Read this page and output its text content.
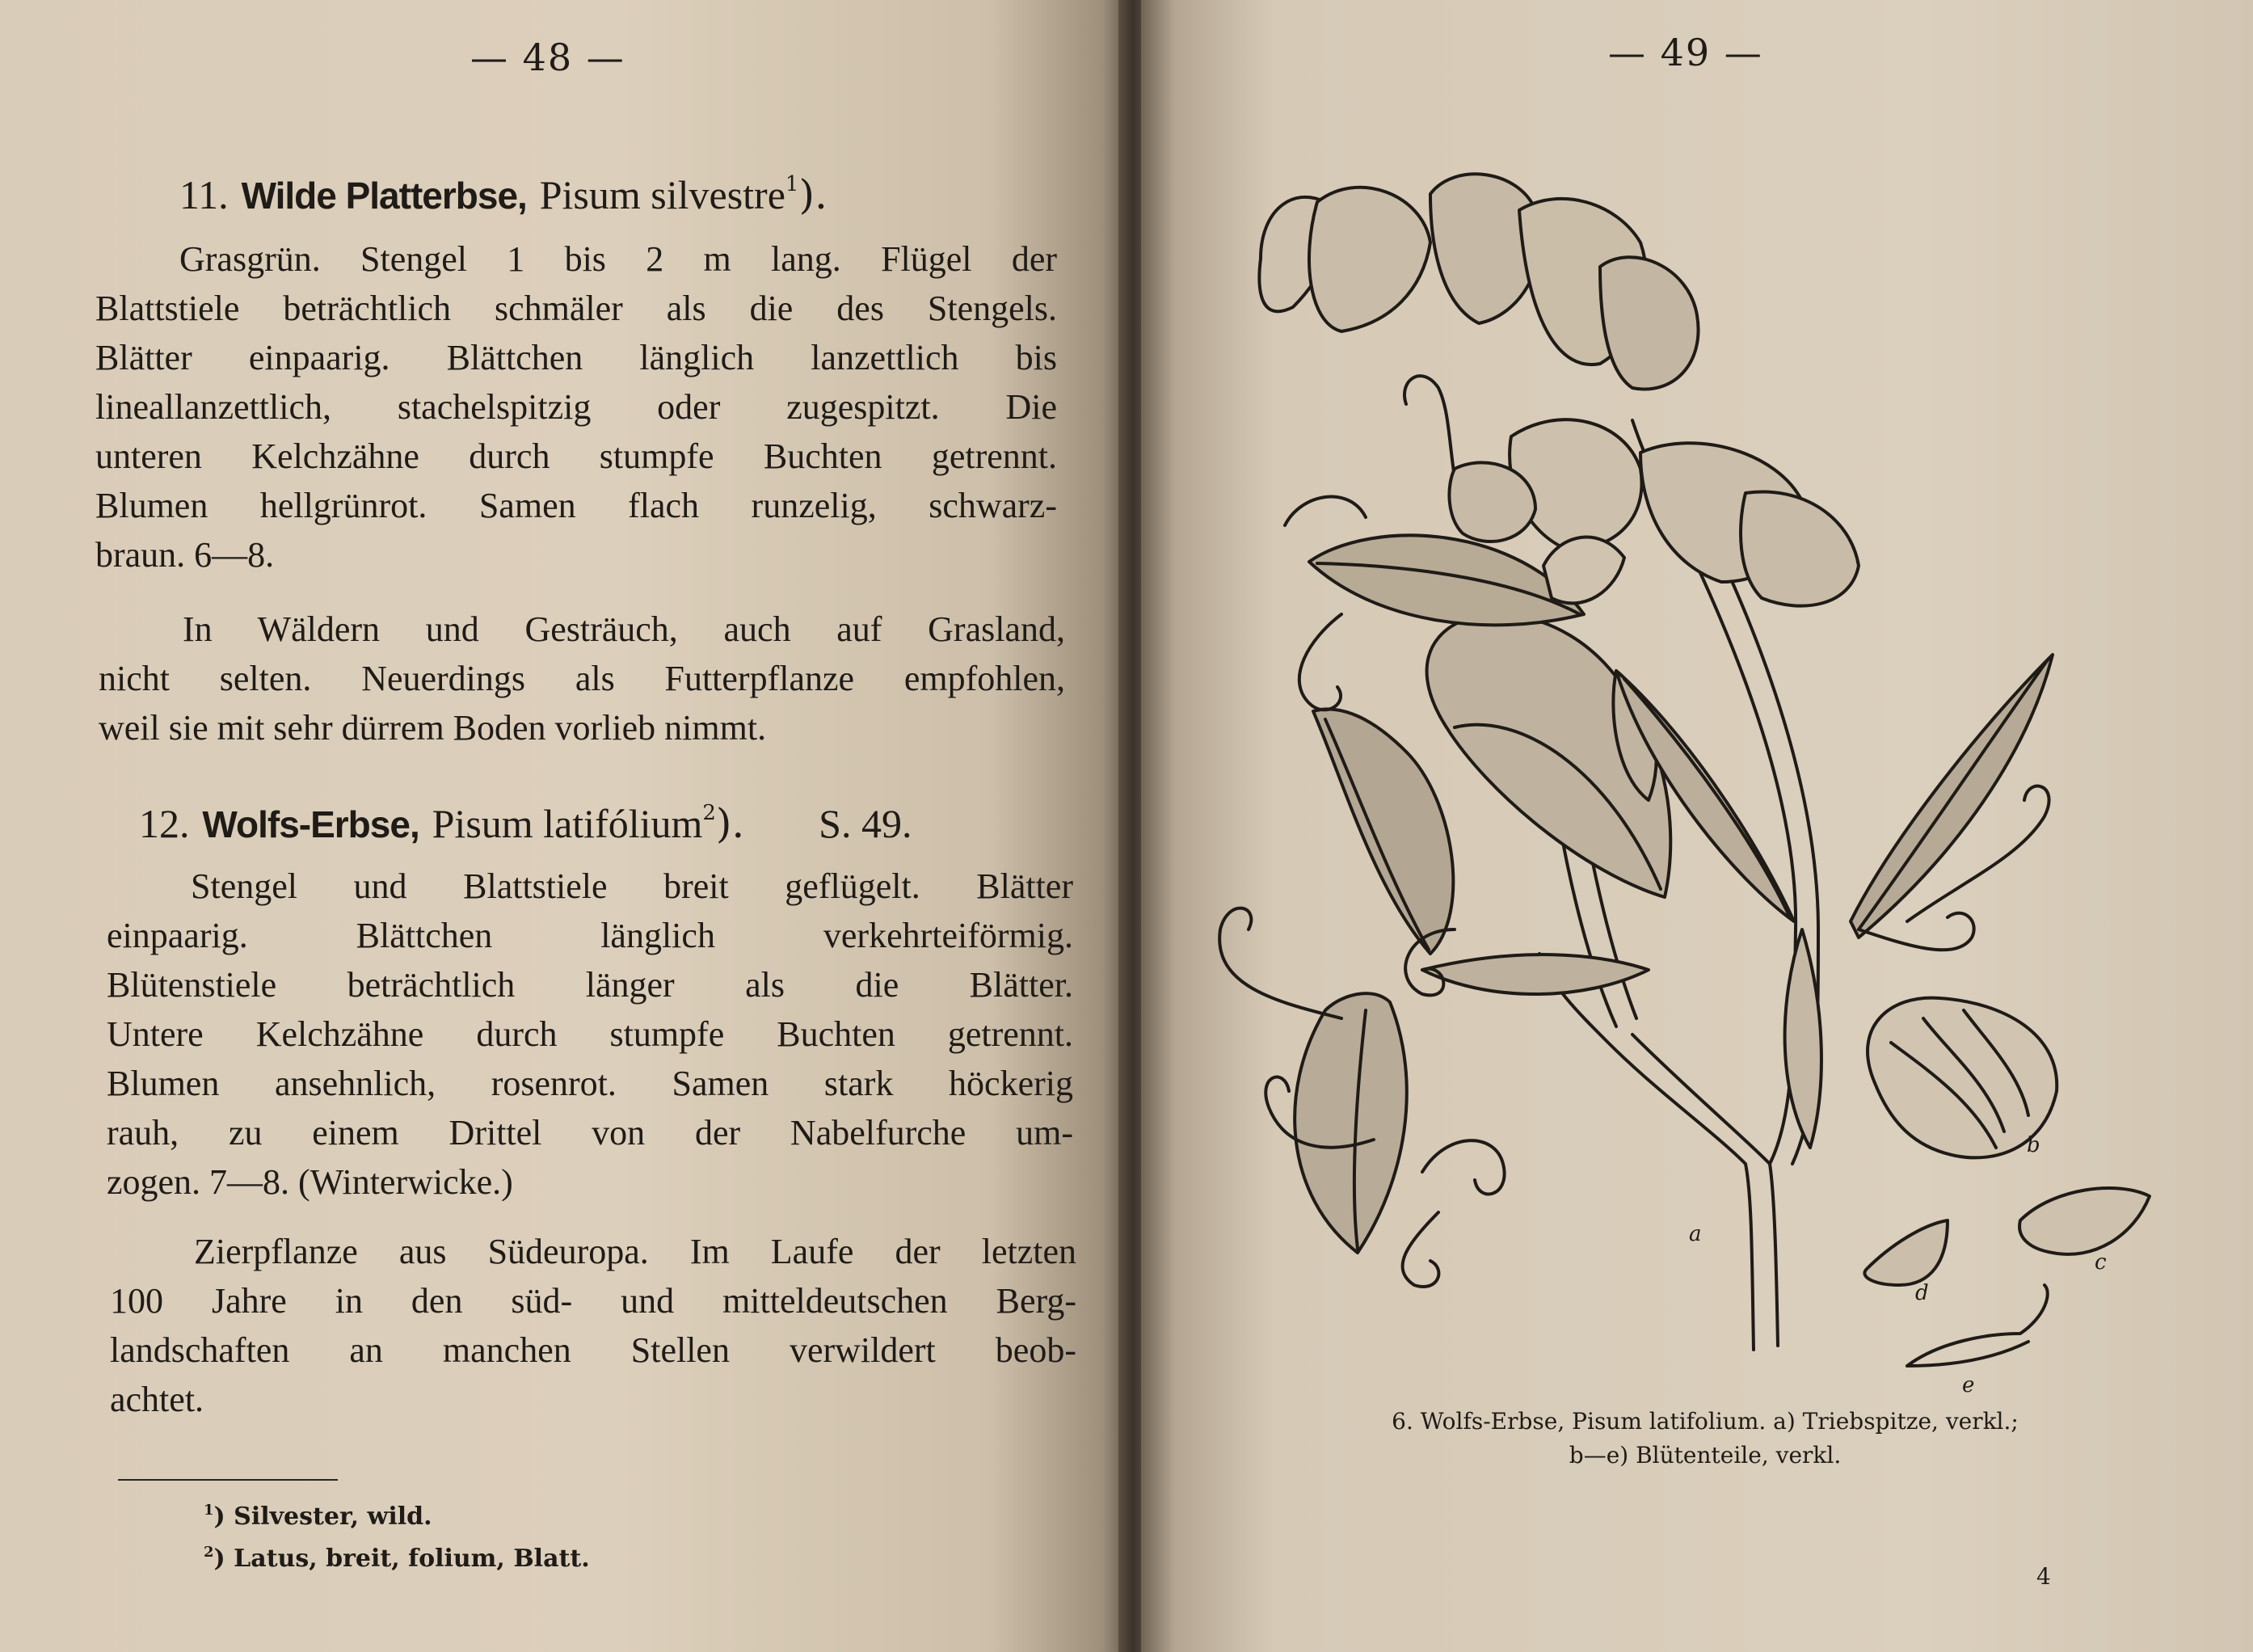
— 48 —
11. Wilde Platterbse, Pisum silvestre$^1$).
Grasgrün. Stengel 1 bis 2 m lang. Flügel der
Blattstiele beträchtlich schmäler als die des Stengels.
Blätter einpaarig. Blättchen länglich lanzettlich bis
lineallanzettlich, stachelspitzig oder zugespitzt. Die
unteren Kelchzähne durch stumpfe Buchten getrennt.
Blumen hellgrünrot. Samen flach runzelig, schwarz-
braun. 6—8.
In Wäldern und Gesträuch, auch auf Grasland,
nicht selten. Neuerdings als Futterpflanze empfohlen,
weil sie mit sehr dürrem Boden vorlieb nimmt.
12. Wolfs-Erbse, Pisum latifólium$^2$). S. 49.
Stengel und Blattstiele breit geflügelt. Blätter
einpaarig. Blättchen länglich verkehrteiförmig.
Blütenstiele beträchtlich länger als die Blätter.
Untere Kelchzähne durch stumpfe Buchten getrennt.
Blumen ansehnlich, rosenrot. Samen stark höckerig
rauh, zu einem Drittel von der Nabelfurche um-
zogen. 7—8. (Winterwicke.)
Zierpflanze aus Südeuropa. Im Laufe der letzten
100 Jahre in den süd- und mitteldeutschen Berg-
landschaften an manchen Stellen verwildert beob-
achtet.
$^1$) Silvester, wild.
$^2$) Latus, breit, folium, Blatt.
— 49 —
a
b
c
d
e
6. Wolfs-Erbse, Pisum latifolium. a) Triebspitze, verkl.;
b—e) Blütenteile, verkl.
4
